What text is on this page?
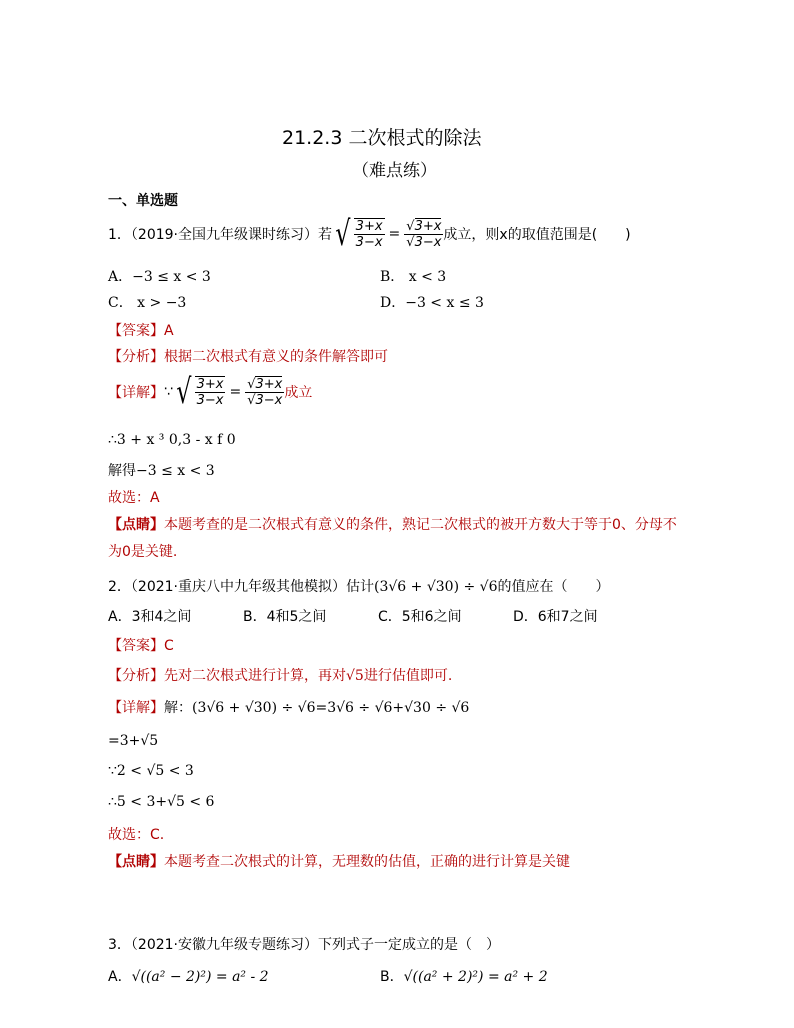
21.2.3 二次根式的除法
（难点练）
一、单选题
1．（2019·全国九年级课时练习）若 √ $\frac{3+x}{3-x} = \frac{√3+x}{√3-x}$ 成立，则x的取值范围是(　　)
A．−3 ≤ x < 3	B． x < 3
C． x > −3	D．−3 < x ≤ 3
【答案】A
【分析】根据二次根式有意义的条件解答即可
【详解】 ∵ √ $\frac{3+x}{3-x} = \frac{√3+x}{√3-x}$ 成立
∴3 + x ³ 0,3 - x f 0
解得−3 ≤ x < 3
故选：A
【点睛】本题考查的是二次根式有意义的条件，熟记二次根式的被开方数大于等于0、分母不
为0是关键.
2．（2021·重庆八中九年级其他模拟）估计(3√6 + √30) ÷ √6的值应在（　　）
A．3和4之间	B．4和5之间	C．5和6之间	D．6和7之间
【答案】C
【分析】先对二次根式进行计算，再对√5进行估值即可.
【详解】解：(3√6 + √30) ÷ √6=3√6 ÷ √6+√30 ÷ √6
=3+√5
∵2 < √5 < 3
∴5 < 3+√5 < 6
故选：C.
【点睛】本题考查二次根式的计算，无理数的估值，正确的进行计算是关键
3．（2021·安徽九年级专题练习）下列式子一定成立的是（　）
A．√((a² − 2)²) = a² - 2	B．√((a² + 2)²) = a² + 2
